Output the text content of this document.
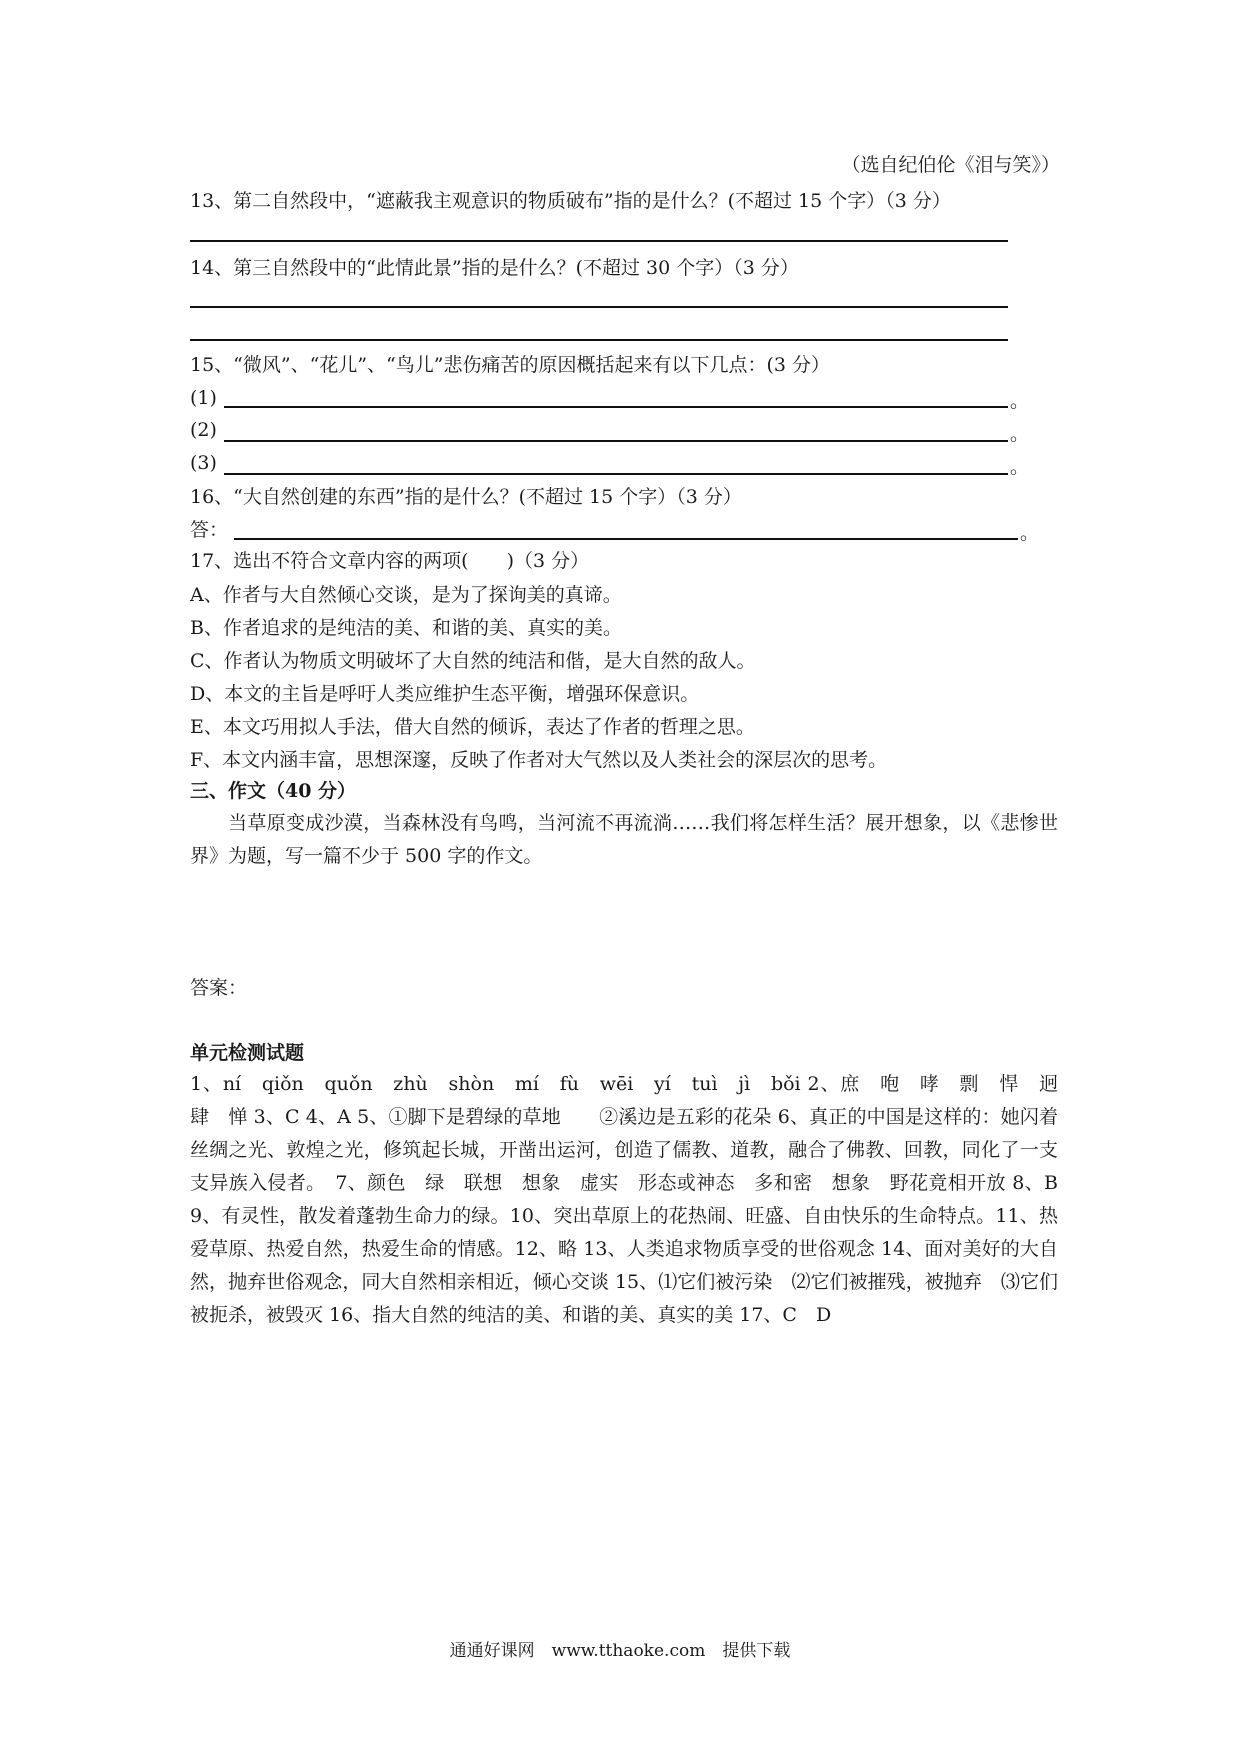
（选自纪伯伦《泪与笑》）
13、第二自然段中，“遮蔽我主观意识的物质破布”指的是什么？(不超过 15 个字）（3 分）
14、第三自然段中的“此情此景”指的是什么？(不超过 30 个字）（3 分）
15、“微风”、“花儿”、“鸟儿”悲伤痛苦的原因概括起来有以下几点：(3 分）
(1)	。
(2)	。
(3)	。
16、“大自然创建的东西”指的是什么？(不超过 15 个字）（3 分）
答：	。
17、选出不符合文章内容的两项(　　)（3 分）
A、作者与大自然倾心交谈，是为了探询美的真谛。
B、作者追求的是纯洁的美、和谐的美、真实的美。
C、作者认为物质文明破坏了大自然的纯洁和偕，是大自然的敌人。
D、本文的主旨是呼吁人类应维护生态平衡，增强环保意识。
E、本文巧用拟人手法，借大自然的倾诉，表达了作者的哲理之思。
F、本文内涵丰富，思想深邃，反映了作者对大气然以及人类社会的深层次的思考。
三、作文（40 分）
当草原变成沙漠，当森林没有鸟鸣，当河流不再流淌……我们将怎样生活？展开想象，以《悲惨世界》为题，写一篇不少于 500 字的作文。
答案：
单元检测试题
1、ní　qiǒn　quǒn　zhù　shòn　mí　fù　wēi　yí　tuì　jì　bǒi 2、庶　咆　哮　剽　悍　迥　肆　惮 3、C 4、A 5、①脚下是碧绿的草地　　②溪边是五彩的花朵 6、真正的中国是这样的：她闪着丝绸之光、敦煌之光，修筑起长城，开凿出运河，创造了儒教、道教，融合了佛教、回教，同化了一支支异族入侵者。　7、颜色　绿　联想　想象　虚实　形态或神态　多和密　想象　野花竟相开放 8、B 9、有灵性，散发着蓬勃生命力的绿。10、突出草原上的花热闹、旺盛、自由快乐的生命特点。11、热爱草原、热爱自然，热爱生命的情感。12、略 13、人类追求物质享受的世俗观念 14、面对美好的大自然，抛弃世俗观念，同大自然相亲相近，倾心交谈 15、⑴它们被污染　⑵它们被摧残，被抛弃　⑶它们被扼杀，被毁灭 16、指大自然的纯洁的美、和谐的美、真实的美 17、C　D
通通好课网　www.tthaoke.com　提供下载
